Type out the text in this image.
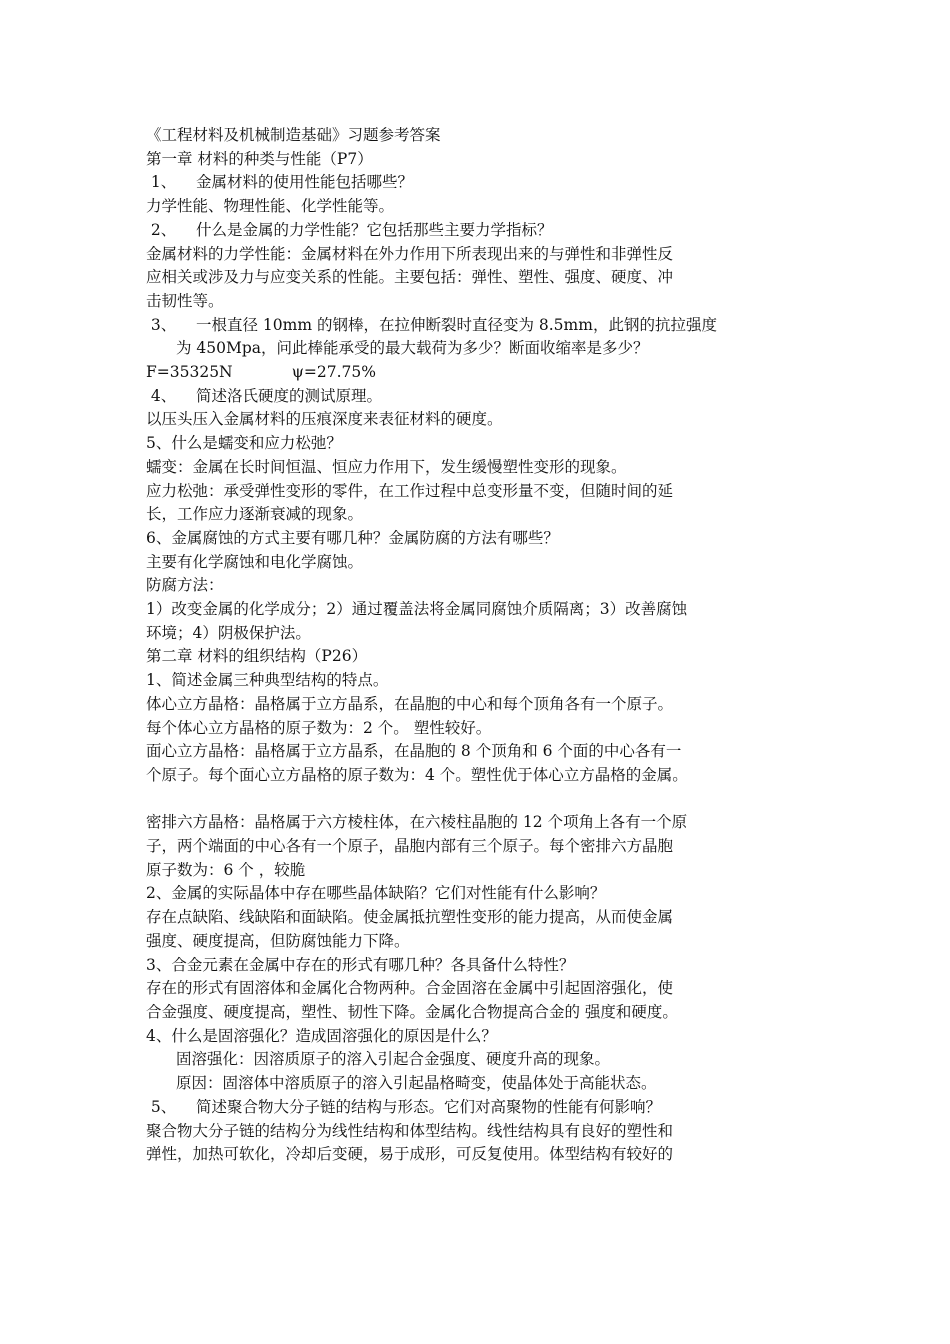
《工程材料及机械制造基础》习题参考答案
第一章 材料的种类与性能（P7）
1、    金属材料的使用性能包括哪些？
力学性能、物理性能、化学性能等。
2、    什么是金属的力学性能？它包括那些主要力学指标？
金属材料的力学性能：金属材料在外力作用下所表现出来的与弹性和非弹性反
应相关或涉及力与应变关系的性能。主要包括：弹性、塑性、强度、硬度、冲
击韧性等。
3、    一根直径 10mm 的钢棒，在拉伸断裂时直径变为 8.5mm，此钢的抗拉强度
为 450Mpa，问此棒能承受的最大载荷为多少？断面收缩率是多少？
F=35325N            ψ=27.75%
4、    简述洛氏硬度的测试原理。
以压头压入金属材料的压痕深度来表征材料的硬度。
5、什么是蠕变和应力松弛？
蠕变：金属在长时间恒温、恒应力作用下，发生缓慢塑性变形的现象。
应力松弛：承受弹性变形的零件，在工作过程中总变形量不变，但随时间的延
长，工作应力逐渐衰减的现象。
6、金属腐蚀的方式主要有哪几种？金属防腐的方法有哪些？
主要有化学腐蚀和电化学腐蚀。
防腐方法：
1）改变金属的化学成分；2）通过覆盖法将金属同腐蚀介质隔离；3）改善腐蚀
环境；4）阴极保护法。
第二章 材料的组织结构（P26）
1、简述金属三种典型结构的特点。
体心立方晶格：晶格属于立方晶系，在晶胞的中心和每个顶角各有一个原子。
每个体心立方晶格的原子数为：2 个。 塑性较好。
面心立方晶格：晶格属于立方晶系，在晶胞的 8 个顶角和 6 个面的中心各有一
个原子。每个面心立方晶格的原子数为：4 个。塑性优于体心立方晶格的金属。
密排六方晶格：晶格属于六方棱柱体，在六棱柱晶胞的 12 个项角上各有一个原
子，两个端面的中心各有一个原子，晶胞内部有三个原子。每个密排六方晶胞
原子数为：6 个 ，较脆
2、金属的实际晶体中存在哪些晶体缺陷？它们对性能有什么影响？
存在点缺陷、线缺陷和面缺陷。使金属抵抗塑性变形的能力提高，从而使金属
强度、硬度提高，但防腐蚀能力下降。
3、合金元素在金属中存在的形式有哪几种？各具备什么特性？
存在的形式有固溶体和金属化合物两种。合金固溶在金属中引起固溶强化，使
合金强度、硬度提高，塑性、韧性下降。金属化合物提高合金的 强度和硬度。
4、什么是固溶强化？造成固溶强化的原因是什么？
固溶强化：因溶质原子的溶入引起合金强度、硬度升高的现象。
原因：固溶体中溶质原子的溶入引起晶格畸变，使晶体处于高能状态。
5、    简述聚合物大分子链的结构与形态。它们对高聚物的性能有何影响？
聚合物大分子链的结构分为线性结构和体型结构。线性结构具有良好的塑性和
弹性，加热可软化，冷却后变硬，易于成形，可反复使用。体型结构有较好的
